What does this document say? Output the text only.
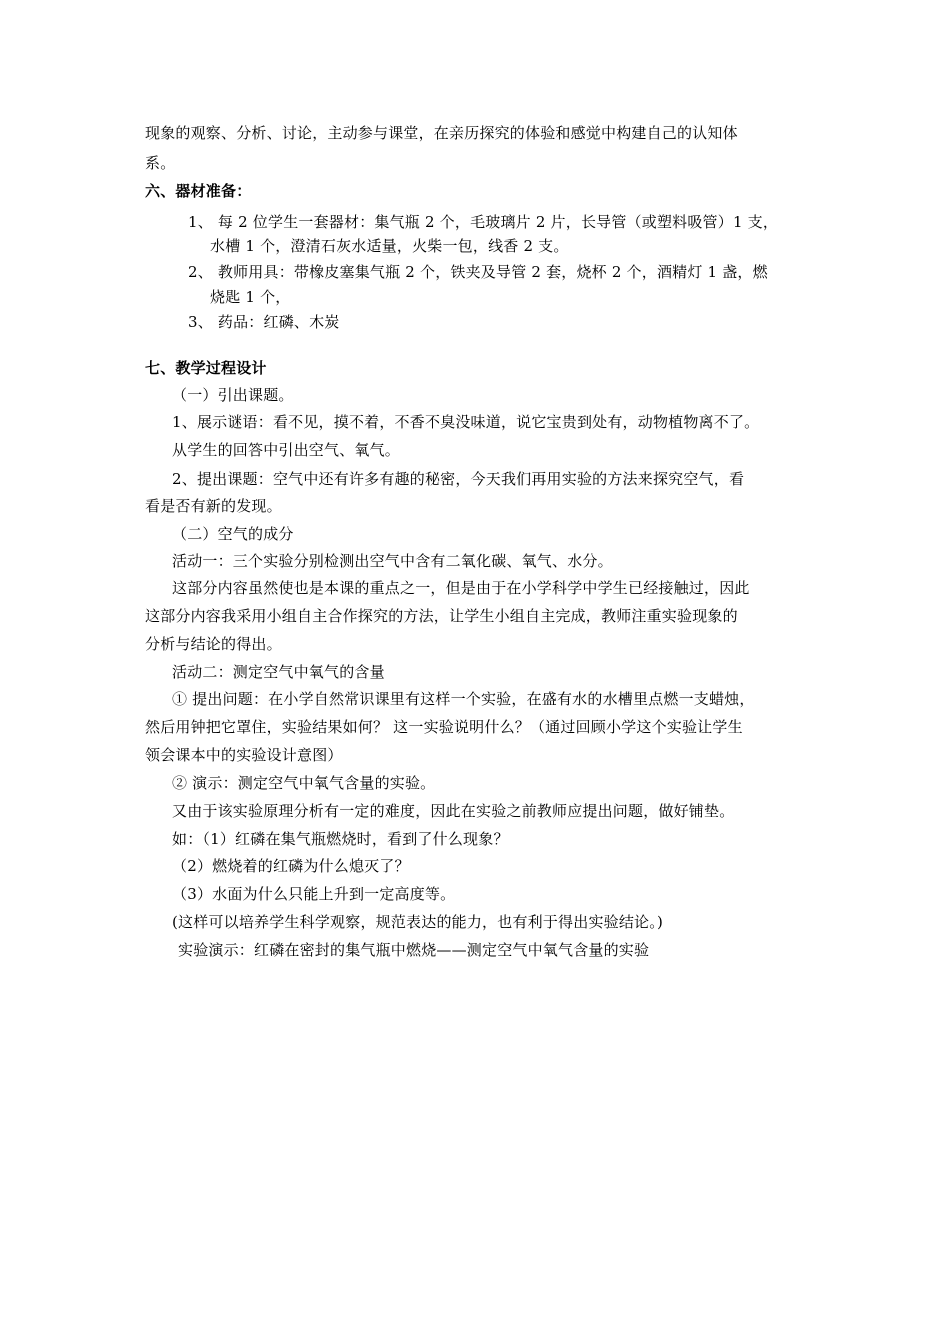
现象的观察、分析、讨论，主动参与课堂，在亲历探究的体验和感觉中构建自己的认知体
系。
六、器材准备：
1、 每 2 位学生一套器材：集气瓶 2 个，毛玻璃片 2 片，长导管（或塑料吸管）1 支，
水槽 1 个，澄清石灰水适量，火柴一包，线香 2 支。
2、 教师用具：带橡皮塞集气瓶 2 个，铁夹及导管 2 套，烧杯 2 个，酒精灯 1 盏，燃
烧匙 1 个，
3、 药品：红磷、木炭
七、教学过程设计
（一）引出课题。
1、展示谜语：看不见，摸不着，不香不臭没味道，说它宝贵到处有，动物植物离不了。
从学生的回答中引出空气、氧气。
2、提出课题：空气中还有许多有趣的秘密，今天我们再用实验的方法来探究空气，看
看是否有新的发现。
（二）空气的成分
活动一：三个实验分别检测出空气中含有二氧化碳、氧气、水分。
这部分内容虽然使也是本课的重点之一，但是由于在小学科学中学生已经接触过，因此
这部分内容我采用小组自主合作探究的方法，让学生小组自主完成，教师注重实验现象的
分析与结论的得出。
活动二：测定空气中氧气的含量
① 提出问题：在小学自然常识课里有这样一个实验，在盛有水的水槽里点燃一支蜡烛，
然后用钟把它罩住，实验结果如何？ 这一实验说明什么？（通过回顾小学这个实验让学生
领会课本中的实验设计意图）
② 演示：测定空气中氧气含量的实验。
又由于该实验原理分析有一定的难度，因此在实验之前教师应提出问题，做好铺垫。
如：（1）红磷在集气瓶燃烧时，看到了什么现象？
（2）燃烧着的红磷为什么熄灭了？
（3）水面为什么只能上升到一定高度等。
(这样可以培养学生科学观察，规范表达的能力，也有利于得出实验结论。)
实验演示：红磷在密封的集气瓶中燃烧——测定空气中氧气含量的实验
